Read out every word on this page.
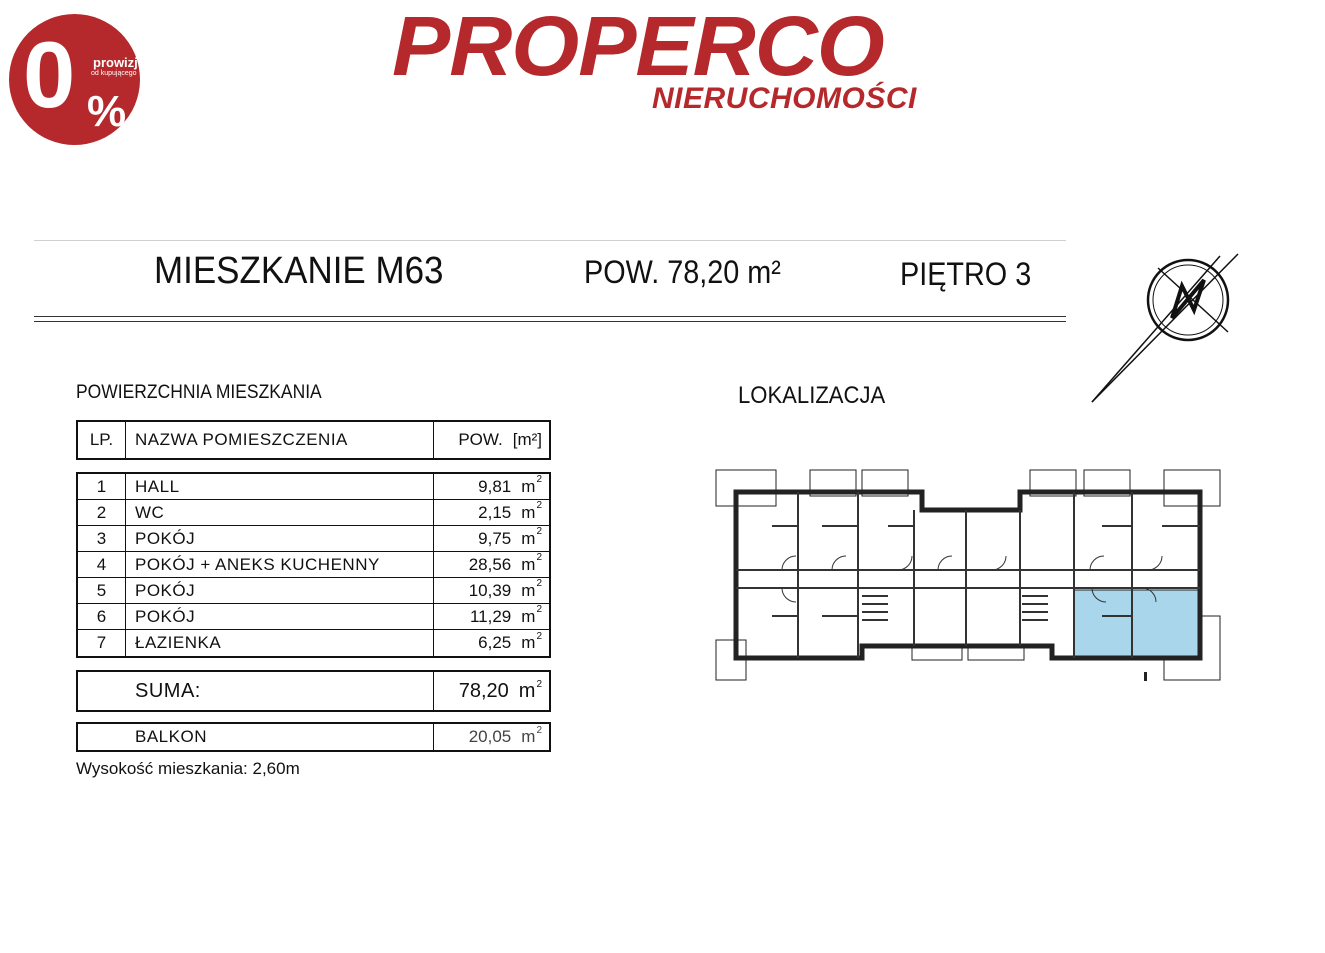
0 prowizji
od kupującego
%
PROPERCO
NIERUCHOMOŚCI
MIESZKANIE M63	POW. 78,20 m²	PIĘTRO 3
POWIERZCHNIA MIESZKANIA	LOKALIZACJA
LP.	NAZWA POMIESZCZENIA	POW. [m²]
1	HALL	9,81 m 2
2	WC	2,15 m 2
3	POKÓJ	9,75 m 2
4	POKÓJ + ANEKS KUCHENNY	28,56 m 2
5	POKÓJ	10,39 m 2
6	POKÓJ	11,29 m 2
7	ŁAZIENKA	6,25 m 2
SUMA:	78,20 m 2
BALKON	20,05 m 2
Wysokość mieszkania: 2,60m
